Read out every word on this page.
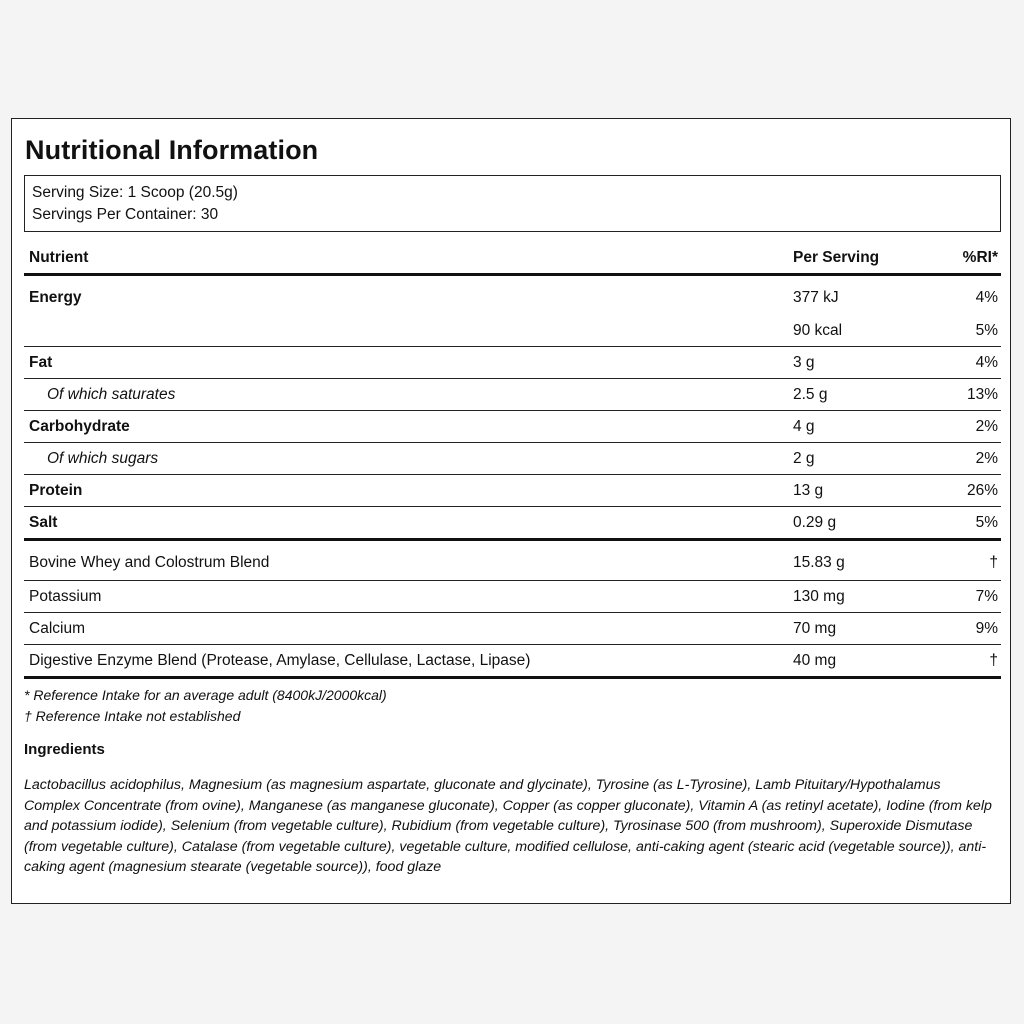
Nutritional Information
Serving Size: 1 Scoop (20.5g)
Servings Per Container: 30
Nutrient	Per Serving	%RI*
Energy	377 kJ	4%
	90 kcal	5%
Fat	3 g	4%
Of which saturates	2.5 g	13%
Carbohydrate	4 g	2%
Of which sugars	2 g	2%
Protein	13 g	26%
Salt	0.29 g	5%
Bovine Whey and Colostrum Blend	15.83 g	†
Potassium	130 mg	7%
Calcium	70 mg	9%
Digestive Enzyme Blend (Protease, Amylase, Cellulase, Lactase, Lipase)	40 mg	†
* Reference Intake for an average adult (8400kJ/2000kcal)
† Reference Intake not established
Ingredients
Lactobacillus acidophilus, Magnesium (as magnesium aspartate, gluconate and glycinate), Tyrosine (as L-Tyrosine), Lamb Pituitary/Hypothalamus Complex Concentrate (from ovine), Manganese (as manganese gluconate), Copper (as copper gluconate), Vitamin A (as retinyl acetate), Iodine (from kelp and potassium iodide), Selenium (from vegetable culture), Rubidium (from vegetable culture), Tyrosinase 500 (from mushroom), Superoxide Dismutase (from vegetable culture), Catalase (from vegetable culture), vegetable culture, modified cellulose, anti-caking agent (stearic acid (vegetable source)), anti-caking agent (magnesium stearate (vegetable source)), food glaze
